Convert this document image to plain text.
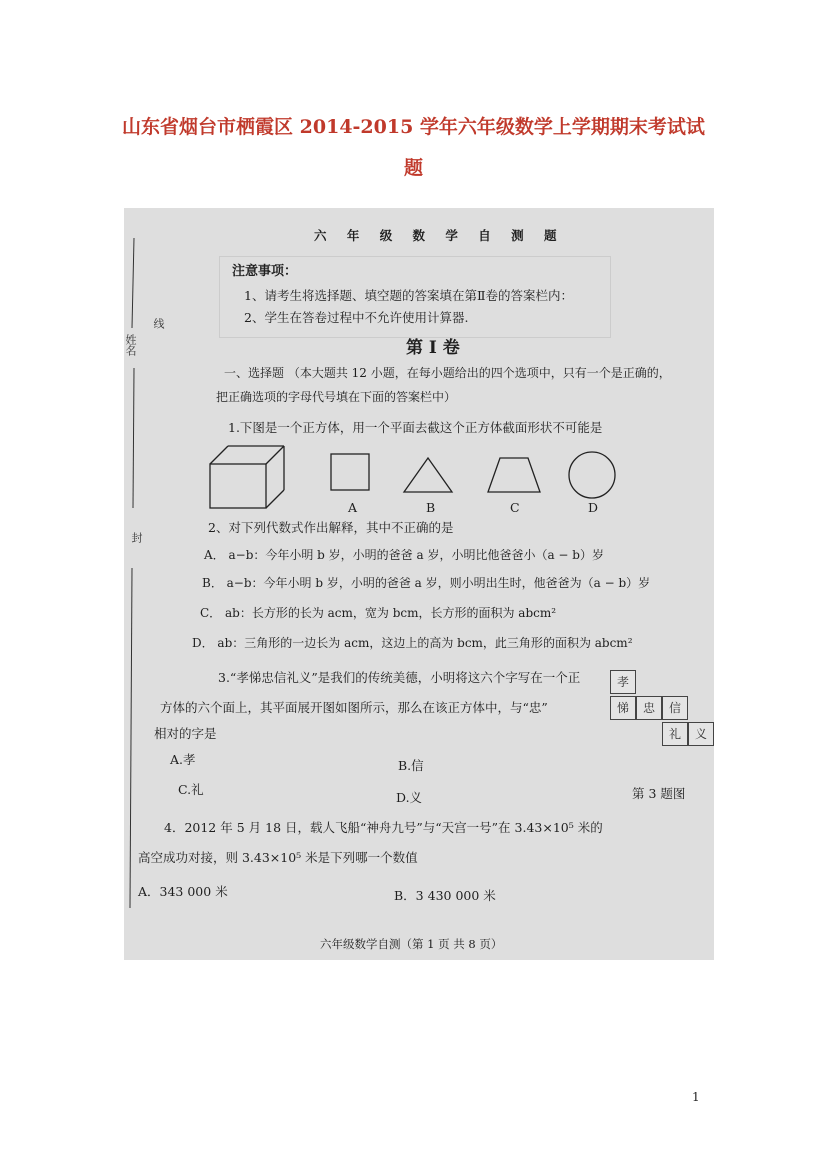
山东省烟台市栖霞区 2014-2015 学年六年级数学上学期期末考试试
题
姓名
线
封
六 年 级 数 学 自 测 题
注意事项：
1、请考生将选择题、填空题的答案填在第Ⅱ卷的答案栏内：
2、学生在答卷过程中不允许使用计算器.
第 Ⅰ 卷
一、选择题 （本大题共 12 小题，在每小题给出的四个选项中，只有一个是正确的，
把正确选项的字母代号填在下面的答案栏中）
1.下图是一个正方体，用一个平面去截这个正方体截面形状不可能是
A	B	C	D
2、对下列代数式作出解释，其中不正确的是
A． a−b：今年小明 b 岁，小明的爸爸 a 岁，小明比他爸爸小（a − b）岁
B． a−b：今年小明 b 岁，小明的爸爸 a 岁，则小明出生时，他爸爸为（a − b）岁
C． ab：长方形的长为 acm，宽为 bcm，长方形的面积为 abcm²
D． ab：三角形的一边长为 acm，这边上的高为 bcm，此三角形的面积为 abcm²
3.“孝悌忠信礼义”是我们的传统美德，小明将这六个字写在一个正
方体的六个面上，其平面展开图如图所示，那么在该正方体中，与“忠”
相对的字是
A.孝	B.信
C.礼
D.义
孝
悌	忠	信
礼	义
第 3 题图
4．2012 年 5 月 18 日，载人飞船“神舟九号”与“天宫一号”在 3.43×10⁵ 米的
高空成功对接，则 3.43×10⁵ 米是下列哪一个数值
A．343 000 米	B．3 430 000 米
六年级数学自测（第 1 页 共 8 页）
1
